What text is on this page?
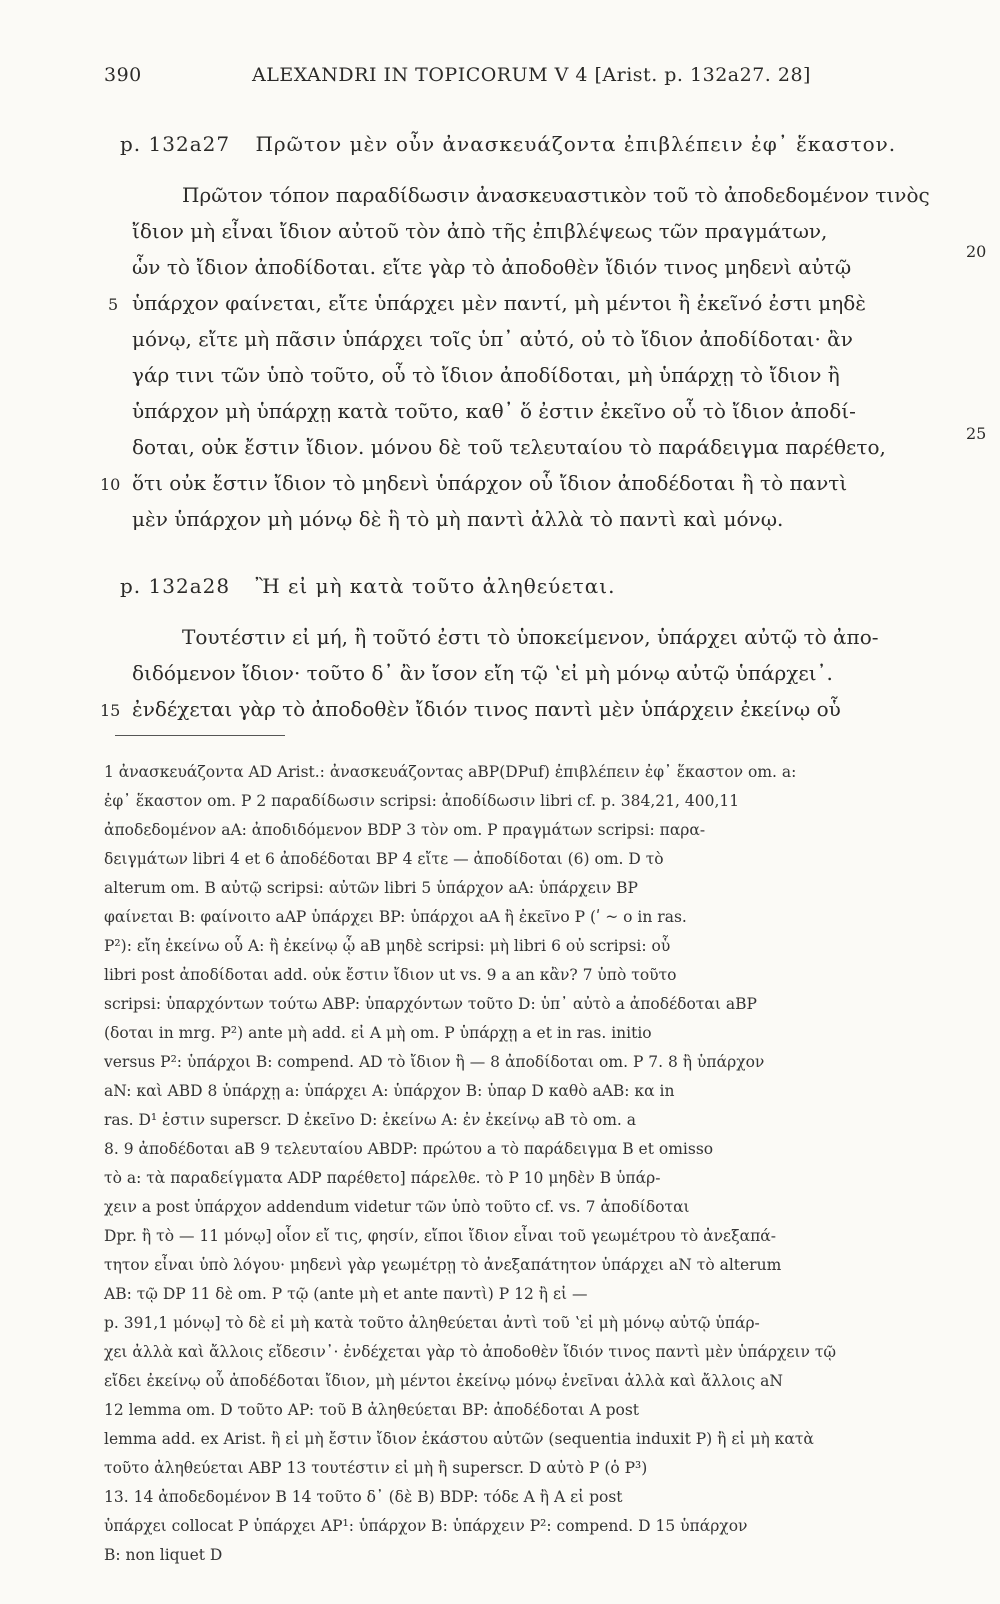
390	ALEXANDRI IN TOPICORUM V 4 [Arist. p. 132a27. 28]
p. 132a27 Πρῶτον μὲν οὖν ἀνασκευάζοντα ἐπιβλέπειν ἐφ᾽ ἕκαστον.
Πρῶτον τόπον παραδίδωσιν ἀνασκευαστικὸν τοῦ τὸ ἀποδεδομένον τινὸς
ἴδιον μὴ εἶναι ἴδιον αὐτοῦ τὸν ἀπὸ τῆς ἐπιβλέψεως τῶν πραγμάτων,
ὧν τὸ ἴδιον ἀποδίδοται. εἴτε γὰρ τὸ ἀποδοθὲν ἴδιόν τινος μηδενὶ αὐτῷ
ὑπάρχον φαίνεται, εἴτε ὑπάρχει μὲν παντί, μὴ μέντοι ἢ ἐκεῖνό ἐστι μηδὲ
μόνῳ, εἴτε μὴ πᾶσιν ὑπάρχει τοῖς ὑπ᾽ αὐτό, οὐ τὸ ἴδιον ἀποδίδοται· ἂν
γάρ τινι τῶν ὑπὸ τοῦτο, οὗ τὸ ἴδιον ἀποδίδοται, μὴ ὑπάρχῃ τὸ ἴδιον ἢ
ὑπάρχον μὴ ὑπάρχῃ κατὰ τοῦτο, καθ᾽ ὅ ἐστιν ἐκεῖνο οὗ τὸ ἴδιον ἀποδί-
δοται, οὐκ ἔστιν ἴδιον. μόνου δὲ τοῦ τελευταίου τὸ παράδειγμα παρέθετο,
ὅτι οὐκ ἔστιν ἴδιον τὸ μηδενὶ ὑπάρχον οὗ ἴδιον ἀποδέδοται ἢ τὸ παντὶ
μὲν ὑπάρχον μὴ μόνῳ δὲ ἢ τὸ μὴ παντὶ ἀλλὰ τὸ παντὶ καὶ μόνῳ.
p. 132a28 Ἢ εἰ μὴ κατὰ τοῦτο ἀληθεύεται.
Τουτέστιν εἰ μή, ἢ τοῦτό ἐστι τὸ ὑποκείμενον, ὑπάρχει αὐτῷ τὸ ἀπο-
διδόμενον ἴδιον· τοῦτο δ᾽ ἂν ἴσον εἴη τῷ ʽεἰ μὴ μόνῳ αὐτῷ ὑπάρχει᾽.
ἐνδέχεται γὰρ τὸ ἀποδοθὲν ἴδιόν τινος παντὶ μὲν ὑπάρχειν ἐκείνῳ οὗ
5
10
15
20
25
1 ἀνασκευάζοντα AD Arist.: ἀνασκευάζοντας aBP(DPuf) ἐπιβλέπειν ἐφ᾽ ἕκαστον om. a:
ἐφ᾽ ἕκαστον om. P 2 παραδίδωσιν scripsi: ἀποδίδωσιν libri cf. p. 384,21, 400,11
ἀποδεδομένον aA: ἀποδιδόμενον BDP 3 τὸν om. P πραγμάτων scripsi: παρα-
δειγμάτων libri 4 et 6 ἀποδέδοται BP 4 εἴτε — ἀποδίδοται (6) om. D τὸ
alterum om. B αὐτῷ scripsi: αὐτῶν libri 5 ὑπάρχον aA: ὑπάρχειν BP
φαίνεται B: φαίνοιτο aAP ὑπάρχει BP: ὑπάρχοι aA ἢ ἐκεῖνο P (ʹ ~ o in ras.
P²): εἴη ἐκείνω οὗ A: ἢ ἐκείνῳ ᾧ aB μηδὲ scripsi: μὴ libri 6 οὐ scripsi: οὗ
libri post ἀποδίδοται add. οὐκ ἔστιν ἴδιον ut vs. 9 a an κἂν? 7 ὑπὸ τοῦτο
scripsi: ὑπαρχόντων τούτω ABP: ὑπαρχόντων τοῦτο D: ὑπ᾽ αὐτὸ a ἀποδέδοται aBP
(δοται in mrg. P²) ante μὴ add. εἰ A μὴ om. P ὑπάρχῃ a et in ras. initio
versus P²: ὑπάρχοι B: compend. AD τὸ ἴδιον ἢ — 8 ἀποδίδοται om. P 7. 8 ἢ ὑπάρχον
aN: καὶ ABD 8 ὑπάρχῃ a: ὑπάρχει A: ὑπάρχον B: ὑπαρ D καθὸ aAB: κα in
ras. D¹ ἐστιν superscr. D ἐκεῖνο D: ἐκείνω A: ἐν ἐκείνῳ aB τὸ om. a
8. 9 ἀποδέδοται aB 9 τελευταίου ABDP: πρώτου a τὸ παράδειγμα B et omisso
τὸ a: τὰ παραδείγματα ADP παρέθετο] πάρελθε. τὸ P 10 μηδὲν B ὑπάρ-
χειν a post ὑπάρχον addendum videtur τῶν ὑπὸ τοῦτο cf. vs. 7 ἀποδίδοται
Dpr. ἢ τὸ — 11 μόνῳ] οἷον εἴ τις, φησίν, εἴποι ἴδιον εἶναι τοῦ γεωμέτρου τὸ ἀνεξαπά-
τητον εἶναι ὑπὸ λόγου· μηδενὶ γὰρ γεωμέτρῃ τὸ ἀνεξαπάτητον ὑπάρχει aN τὸ alterum
AB: τῷ DP 11 δὲ om. P τῷ (ante μὴ et ante παντὶ) P 12 ἢ εἰ —
p. 391,1 μόνῳ] τὸ δὲ εἰ μὴ κατὰ τοῦτο ἀληθεύεται ἀντὶ τοῦ ʽεἰ μὴ μόνῳ αὐτῷ ὑπάρ-
χει ἀλλὰ καὶ ἄλλοις εἴδεσιν᾽· ἐνδέχεται γὰρ τὸ ἀποδοθὲν ἴδιόν τινος παντὶ μὲν ὑπάρχειν τῷ
εἴδει ἐκείνῳ οὗ ἀποδέδοται ἴδιον, μὴ μέντοι ἐκείνῳ μόνῳ ἐνεῖναι ἀλλὰ καὶ ἄλλοις aN
12 lemma om. D τοῦτο AP: τοῦ B ἀληθεύεται BP: ἀποδέδοται A post
lemma add. ex Arist. ἢ εἰ μὴ ἔστιν ἴδιον ἑκάστου αὐτῶν (sequentia induxit P) ἢ εἰ μὴ κατὰ
τοῦτο ἀληθεύεται ABP 13 τουτέστιν εἰ μὴ ἢ superscr. D αὐτὸ P (ὁ P³)
13. 14 ἀποδεδομένον B 14 τοῦτο δ᾽ (δὲ B) BDP: τόδε A ἢ A εἰ post
ὑπάρχει collocat P ὑπάρχει AP¹: ὑπάρχον B: ὑπάρχειν P²: compend. D 15 ὑπάρχον
B: non liquet D
